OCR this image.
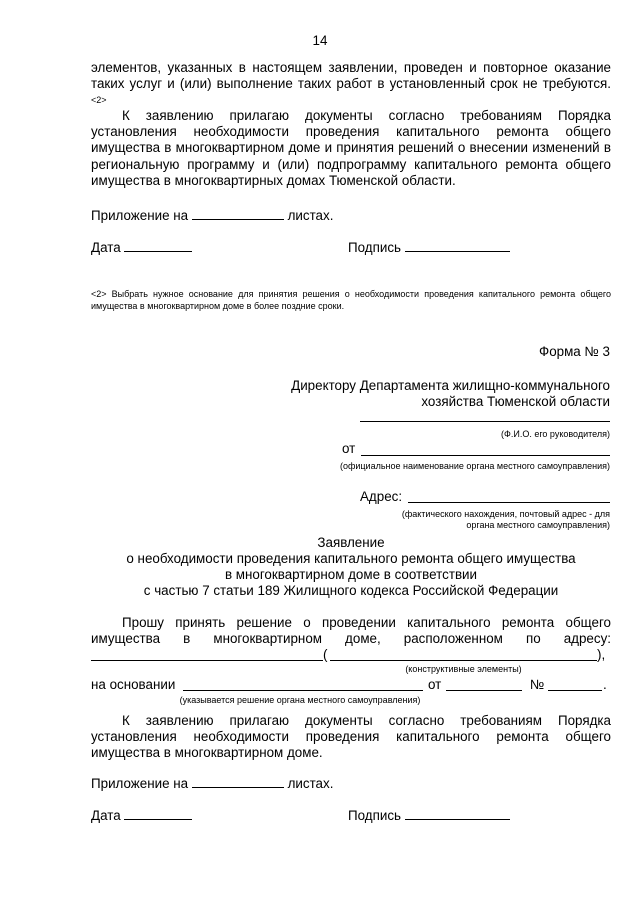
14
элементов, указанных в настоящем заявлении, проведен и повторное оказание таких услуг и (или) выполнение таких работ в установленный срок не требуются.$^{<2>}$
К заявлению прилагаю документы согласно требованиям Порядка установления необходимости проведения капитального ремонта общего имущества в многоквартирном доме и принятия решений о внесении изменений в региональную программу и (или) подпрограмму капитального ремонта общего имущества в многоквартирных домах Тюменской области.
Приложение на	листах.
Дата	Подпись
<2> Выбрать нужное основание для принятия решения о необходимости проведения капитального ремонта общего имущества в многоквартирном доме в более поздние сроки.
Форма № 3
Директору Департамента жилищно-коммунального
хозяйства Тюменской области
(Ф.И.О. его руководителя)
от
(официальное наименование органа местного самоуправления)
Адрес:
(фактического нахождения, почтовый адрес - для
органа местного самоуправления)
Заявление
о необходимости проведения капитального ремонта общего имущества
в многоквартирном доме в соответствии
с частью 7 статьи 189 Жилищного кодекса Российской Федерации
Прошу принять решение о проведении капитального ремонта общего
имущества в многоквартирном доме, расположенном по адресу:
(	),
(конструктивные элементы)
на основании	от	№	.
(указывается решение органа местного самоуправления)
К заявлению прилагаю документы согласно требованиям Порядка установления необходимости проведения капитального ремонта общего имущества в многоквартирном доме.
Приложение на	листах.
Дата	Подпись
